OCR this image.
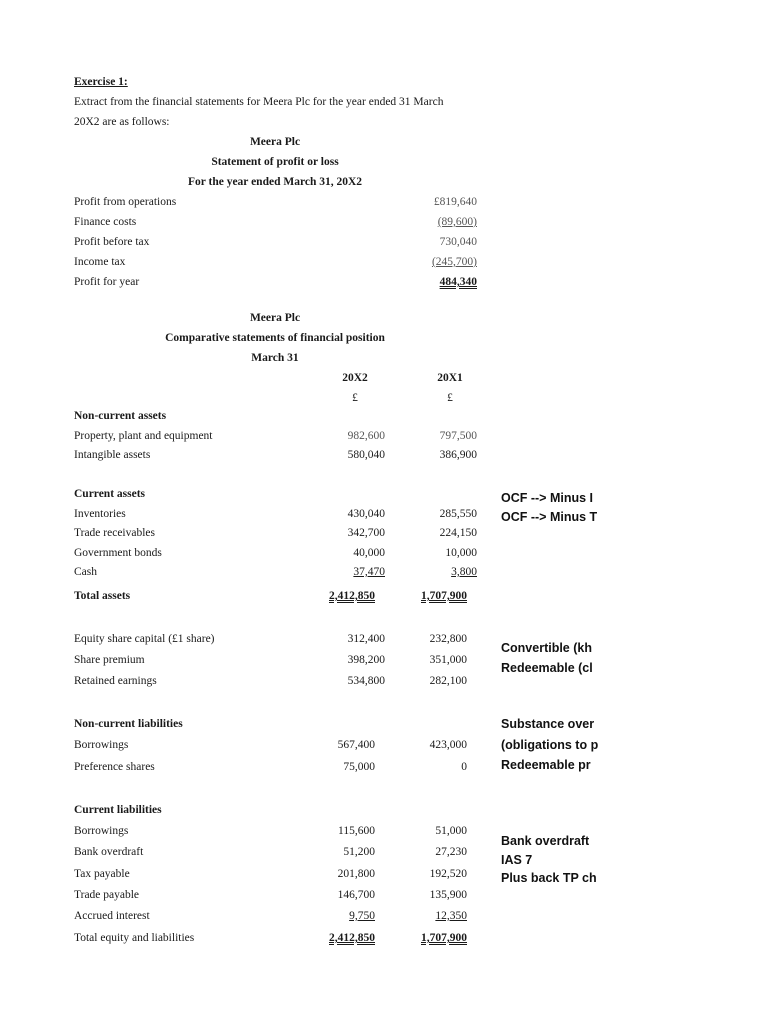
Exercise 1:
Extract from the financial statements for Meera Plc for the year ended 31 March
20X2 are as follows:
Meera Plc
Statement of profit or loss
For the year ended March 31, 20X2
Profit from operations	£819,640
Finance costs	(89,600)
Profit before tax	730,040
Income tax	(245,700)
Profit for year	484,340
Meera Plc
Comparative statements of financial position
March 31
20X2	20X1
£	£
Non-current assets
Property, plant and equipment	982,600	797,500
Intangible assets	580,040	386,900
Current assets
Inventories	430,040	285,550
Trade receivables	342,700	224,150
Government bonds	40,000	10,000
Cash	37,470	3,800
Total assets	2,412,850	1,707,900
Equity share capital (£1 share)	312,400	232,800
Share premium	398,200	351,000
Retained earnings	534,800	282,100
Non-current liabilities
Borrowings	567,400	423,000
Preference shares	75,000	0
Current liabilities
Borrowings	115,600	51,000
Bank overdraft	51,200	27,230
Tax payable	201,800	192,520
Trade payable	146,700	135,900
Accrued interest	9,750	12,350
Total equity and liabilities	2,412,850	1,707,900
OCF --> Minus I
OCF --> Minus T
Convertible (kh
Redeemable (cl
Substance over
(obligations to p
Redeemable pr
Bank overdraft
IAS 7
Plus back TP ch
